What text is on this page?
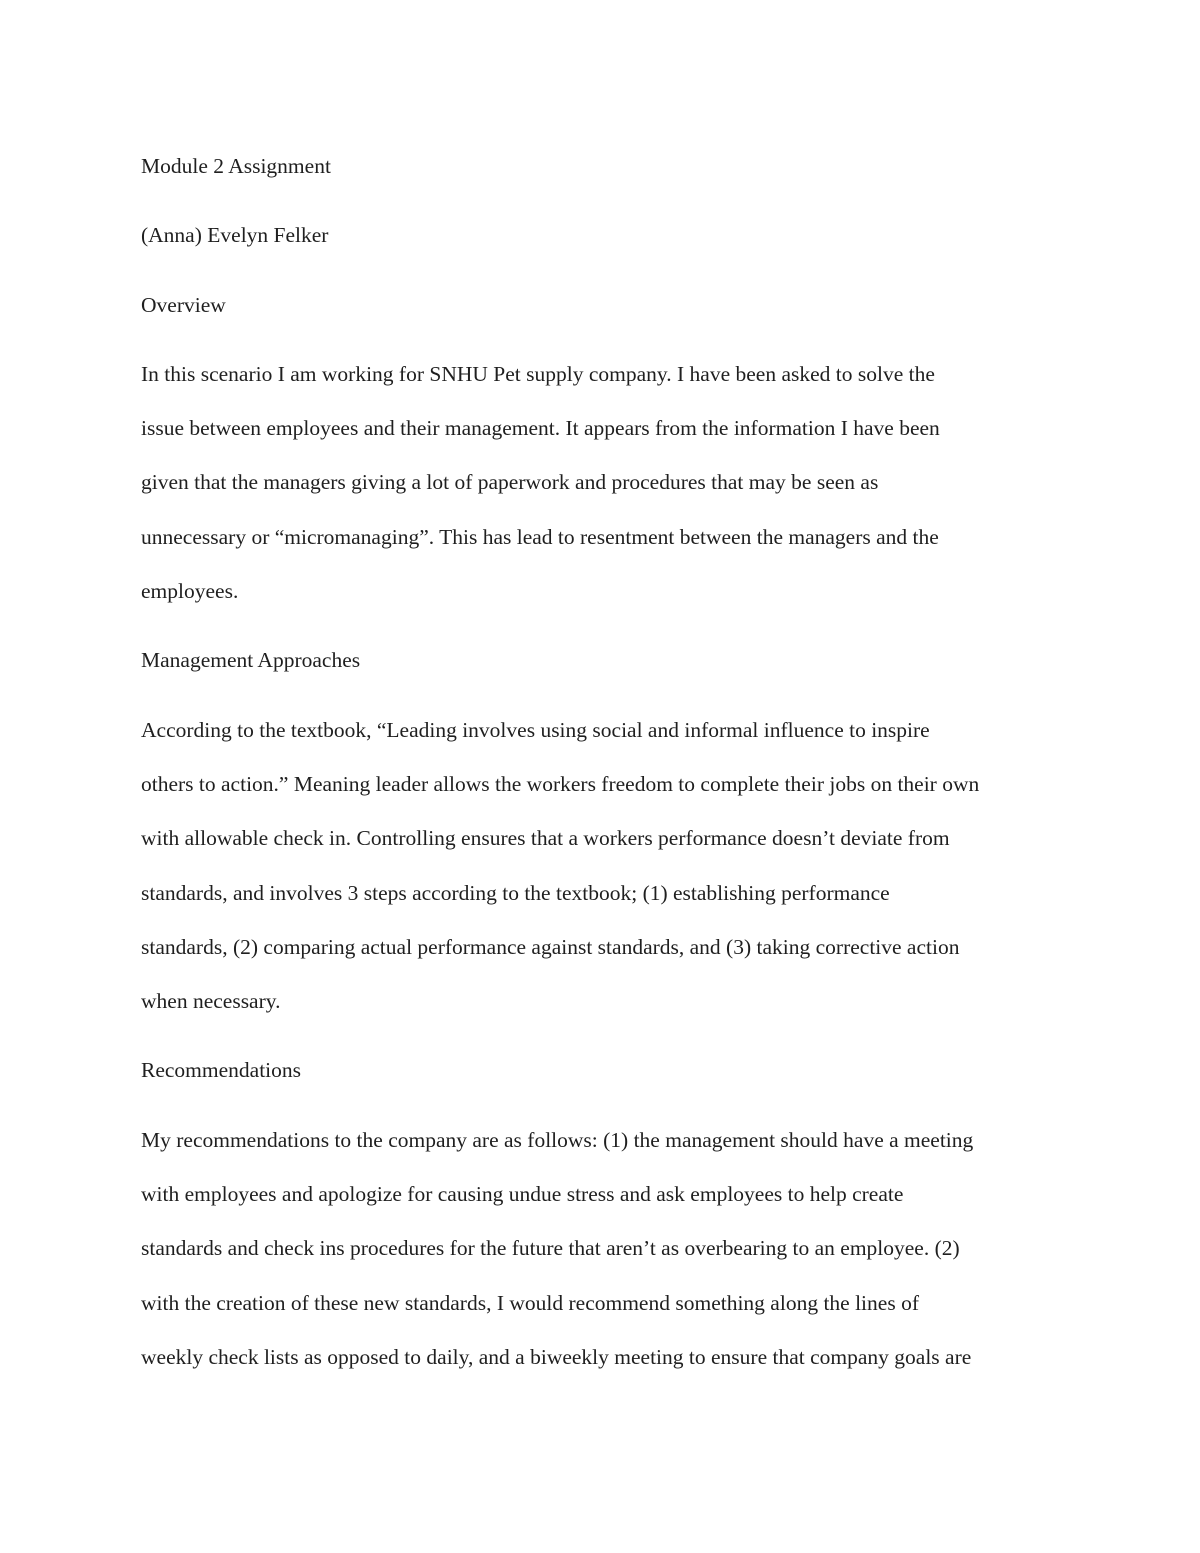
Module 2 Assignment

(Anna) Evelyn Felker

Overview

In this scenario I am working for SNHU Pet supply company. I have been asked to solve the

issue between employees and their management. It appears from the information I have been

given that the managers giving a lot of paperwork and procedures that may be seen as

unnecessary or “micromanaging”. This has lead to resentment between the managers and the

employees.

Management Approaches

According to the textbook, “Leading involves using social and informal influence to inspire

others to action.” Meaning leader allows the workers freedom to complete their jobs on their own

with allowable check in. Controlling ensures that a workers performance doesn’t deviate from

standards, and involves 3 steps according to the textbook; (1) establishing performance

standards, (2) comparing actual performance against standards, and (3) taking corrective action

when necessary.

Recommendations

My recommendations to the company are as follows: (1) the management should have a meeting

with employees and apologize for causing undue stress and ask employees to help create

standards and check ins procedures for the future that aren’t as overbearing to an employee. (2)

with the creation of these new standards, I would recommend something along the lines of

weekly check lists as opposed to daily, and a biweekly meeting to ensure that company goals are
